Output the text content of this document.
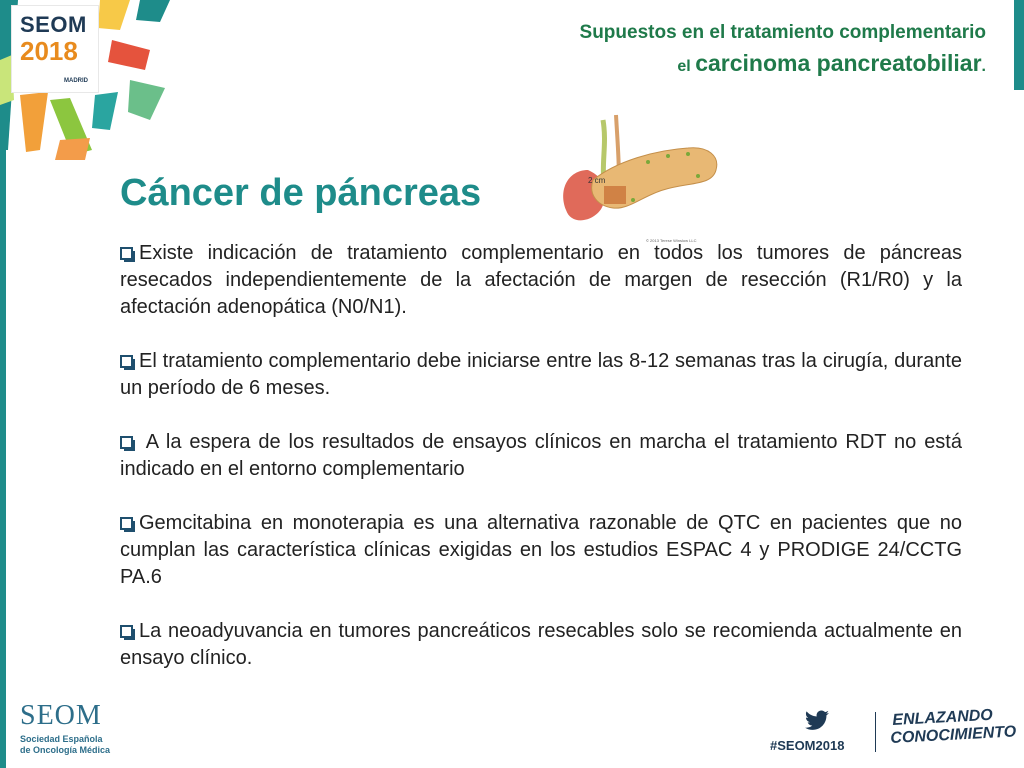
SEOM
2018
MADRID
Supuestos en el tratamiento complementario
el carcinoma pancreatobiliar.
2 cm
© 2013 Terese Winslow LLC
Cáncer de páncreas
Existe indicación de tratamiento complementario en todos los tumores de páncreas resecados independientemente de la afectación de margen de resección (R1/R0) y la afectación adenopática (N0/N1).
El tratamiento complementario debe iniciarse entre las 8-12 semanas tras la cirugía, durante un período de 6 meses.
A la espera de los resultados de ensayos clínicos en marcha el tratamiento RDT no está indicado en el entorno complementario
Gemcitabina en monoterapia es una alternativa razonable de QTC en pacientes que no cumplan las característica clínicas exigidas en los estudios ESPAC 4 y PRODIGE 24/CCTG PA.6
La neoadyuvancia en tumores pancreáticos resecables solo se recomienda actualmente en ensayo clínico.
SEOM
Sociedad Española
de Oncología Médica	#SEOM2018
ENLAZANDO
CONOCIMIENTO
